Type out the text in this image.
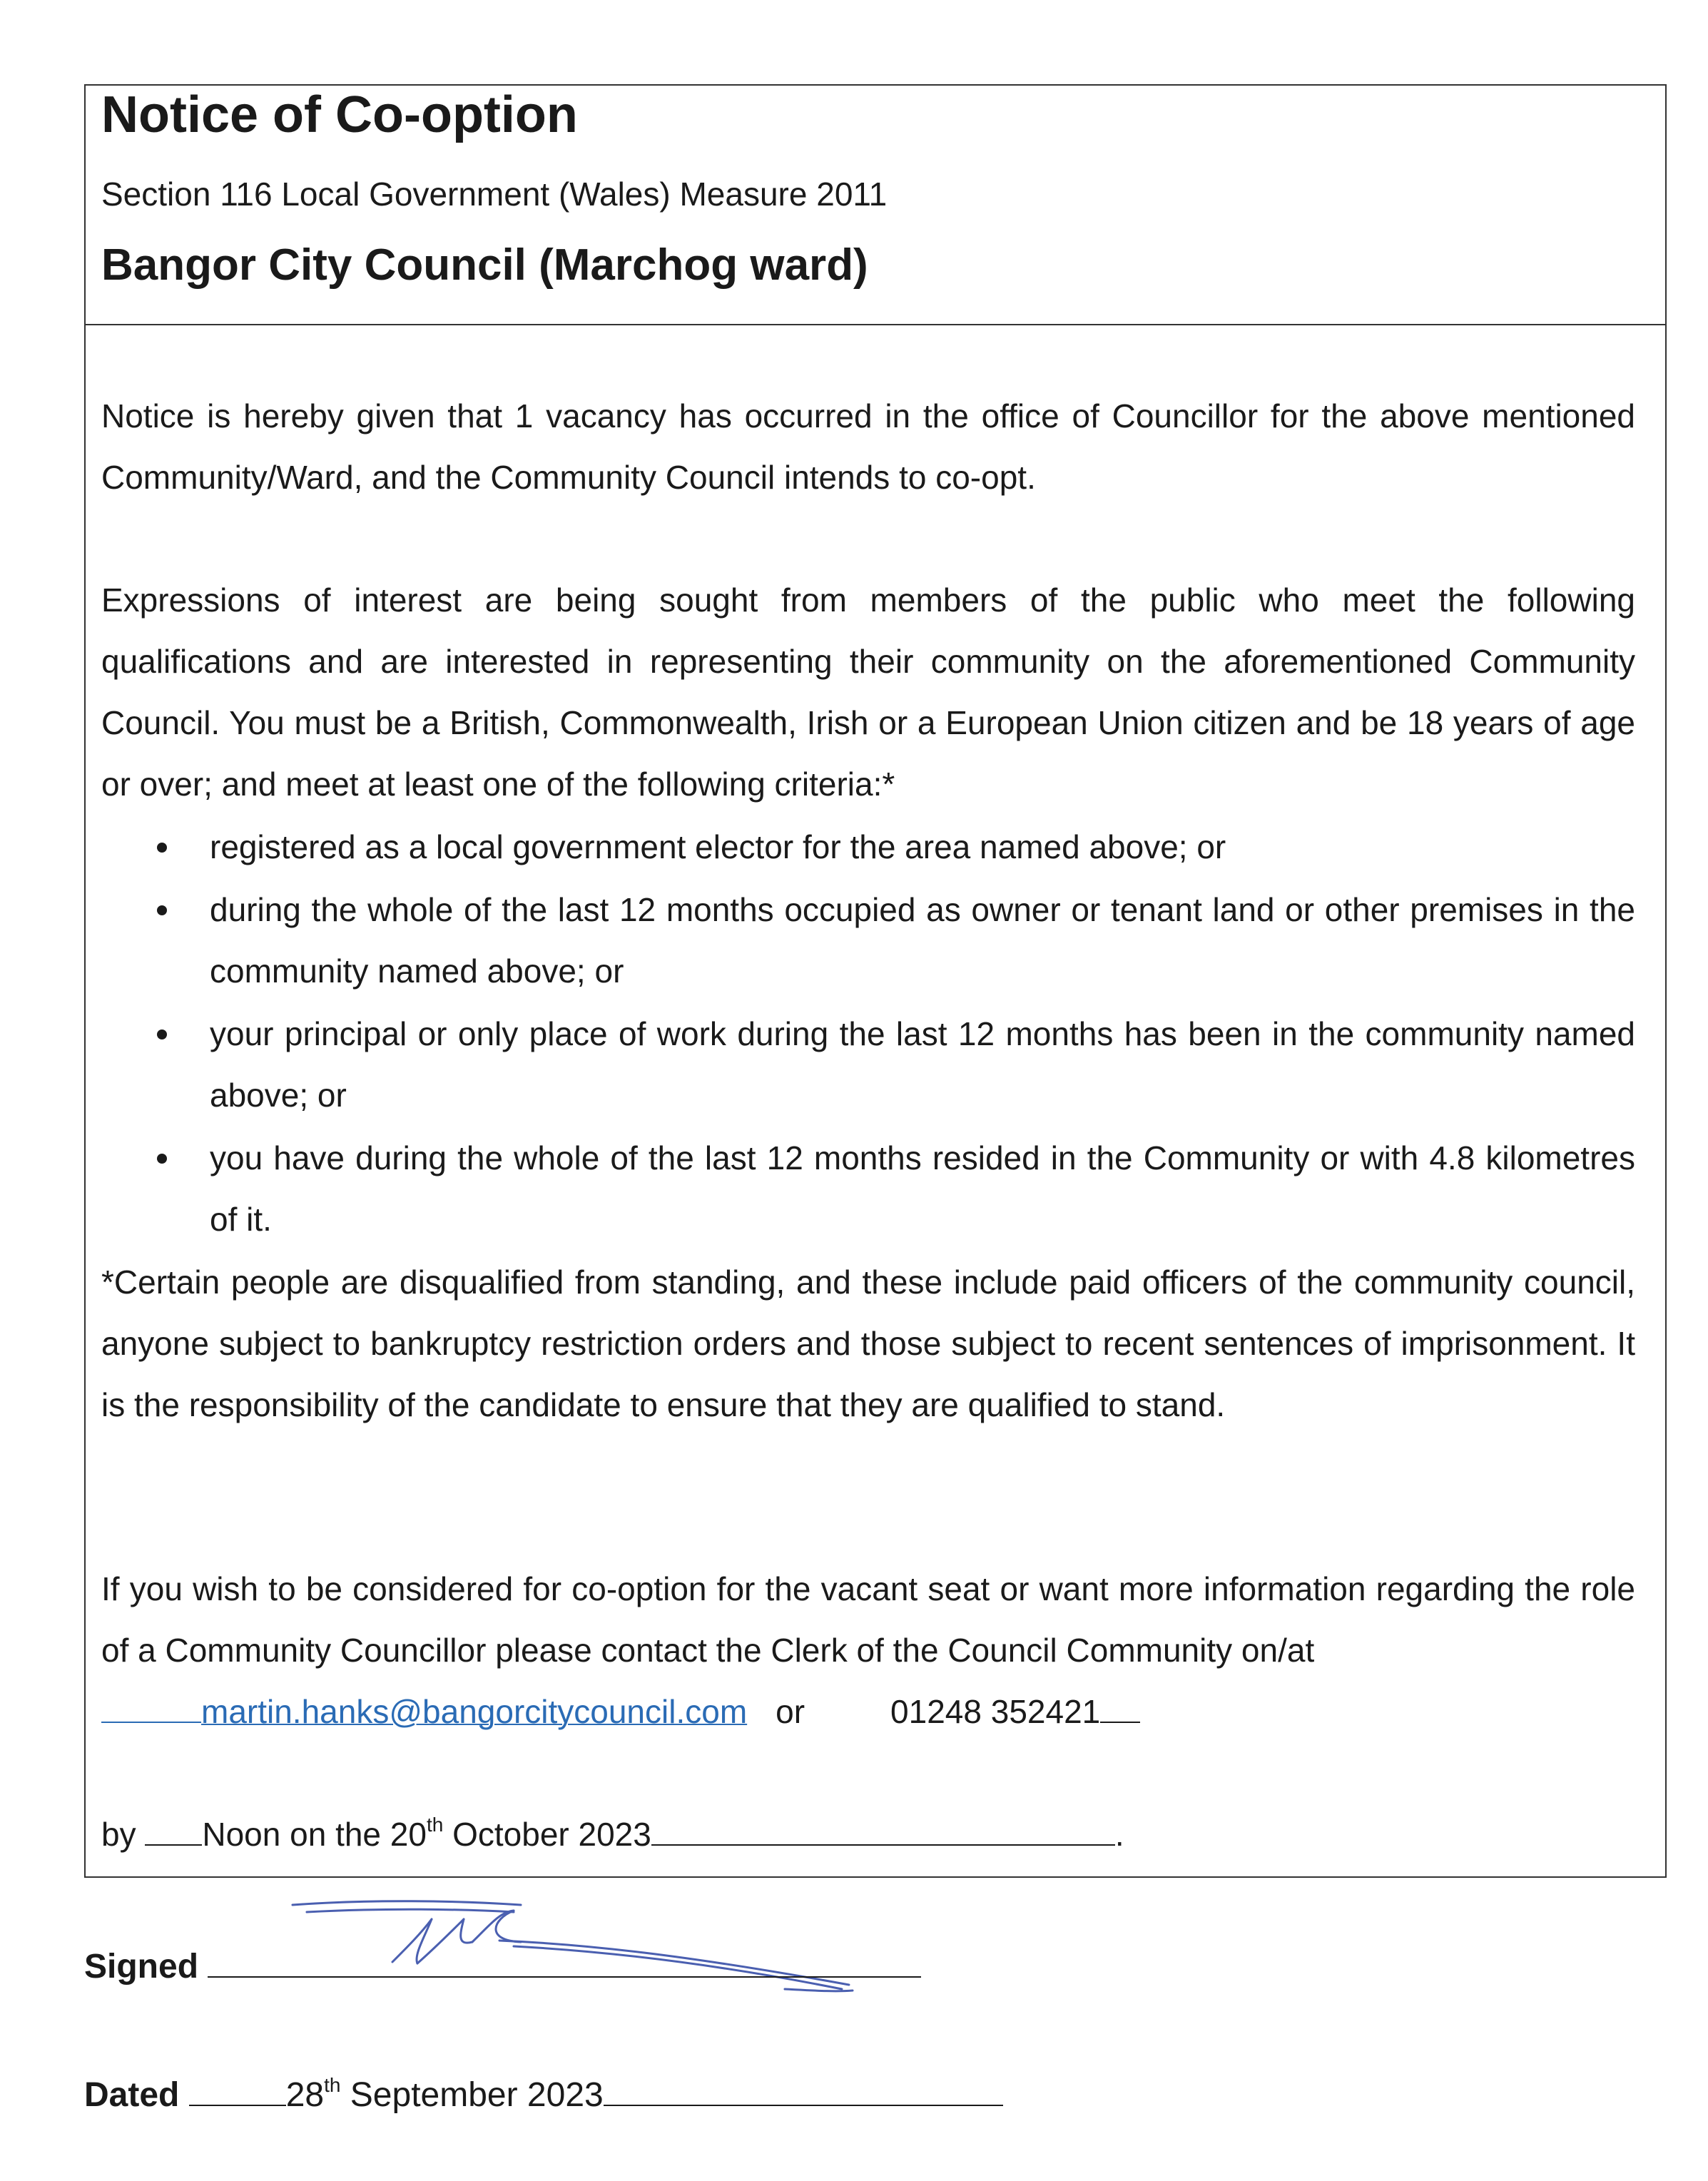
Notice of Co-option
Section 116 Local Government (Wales) Measure 2011
Bangor City Council (Marchog ward)

Notice is hereby given that 1 vacancy has occurred in the office of Councillor for the above mentioned Community/Ward, and the Community Council intends to co-opt.

Expressions of interest are being sought from members of the public who meet the following qualifications and are interested in representing their community on the aforementioned Community Council. You must be a British, Commonwealth, Irish or a European Union citizen and be 18 years of age or over; and meet at least one of the following criteria:*

registered as a local government elector for the area named above; or
during the whole of the last 12 months occupied as owner or tenant land or other premises in the community named above; or
your principal or only place of work during the last 12 months has been in the community named above; or
you have during the whole of the last 12 months resided in the Community or with 4.8 kilometres of it.

*Certain people are disqualified from standing, and these include paid officers of the community council, anyone subject to bankruptcy restriction orders and those subject to recent sentences of imprisonment. It is the responsibility of the candidate to ensure that they are qualified to stand.

If you wish to be considered for co-option for the vacant seat or want more information regarding the role of a Community Councillor please contact the Clerk of the Council Community on/at

martin.hanks@bangorcitycouncil.com or	01248 352421
by Noon on the 20th October 2023	.
Signed
Dated	28th September 2023
